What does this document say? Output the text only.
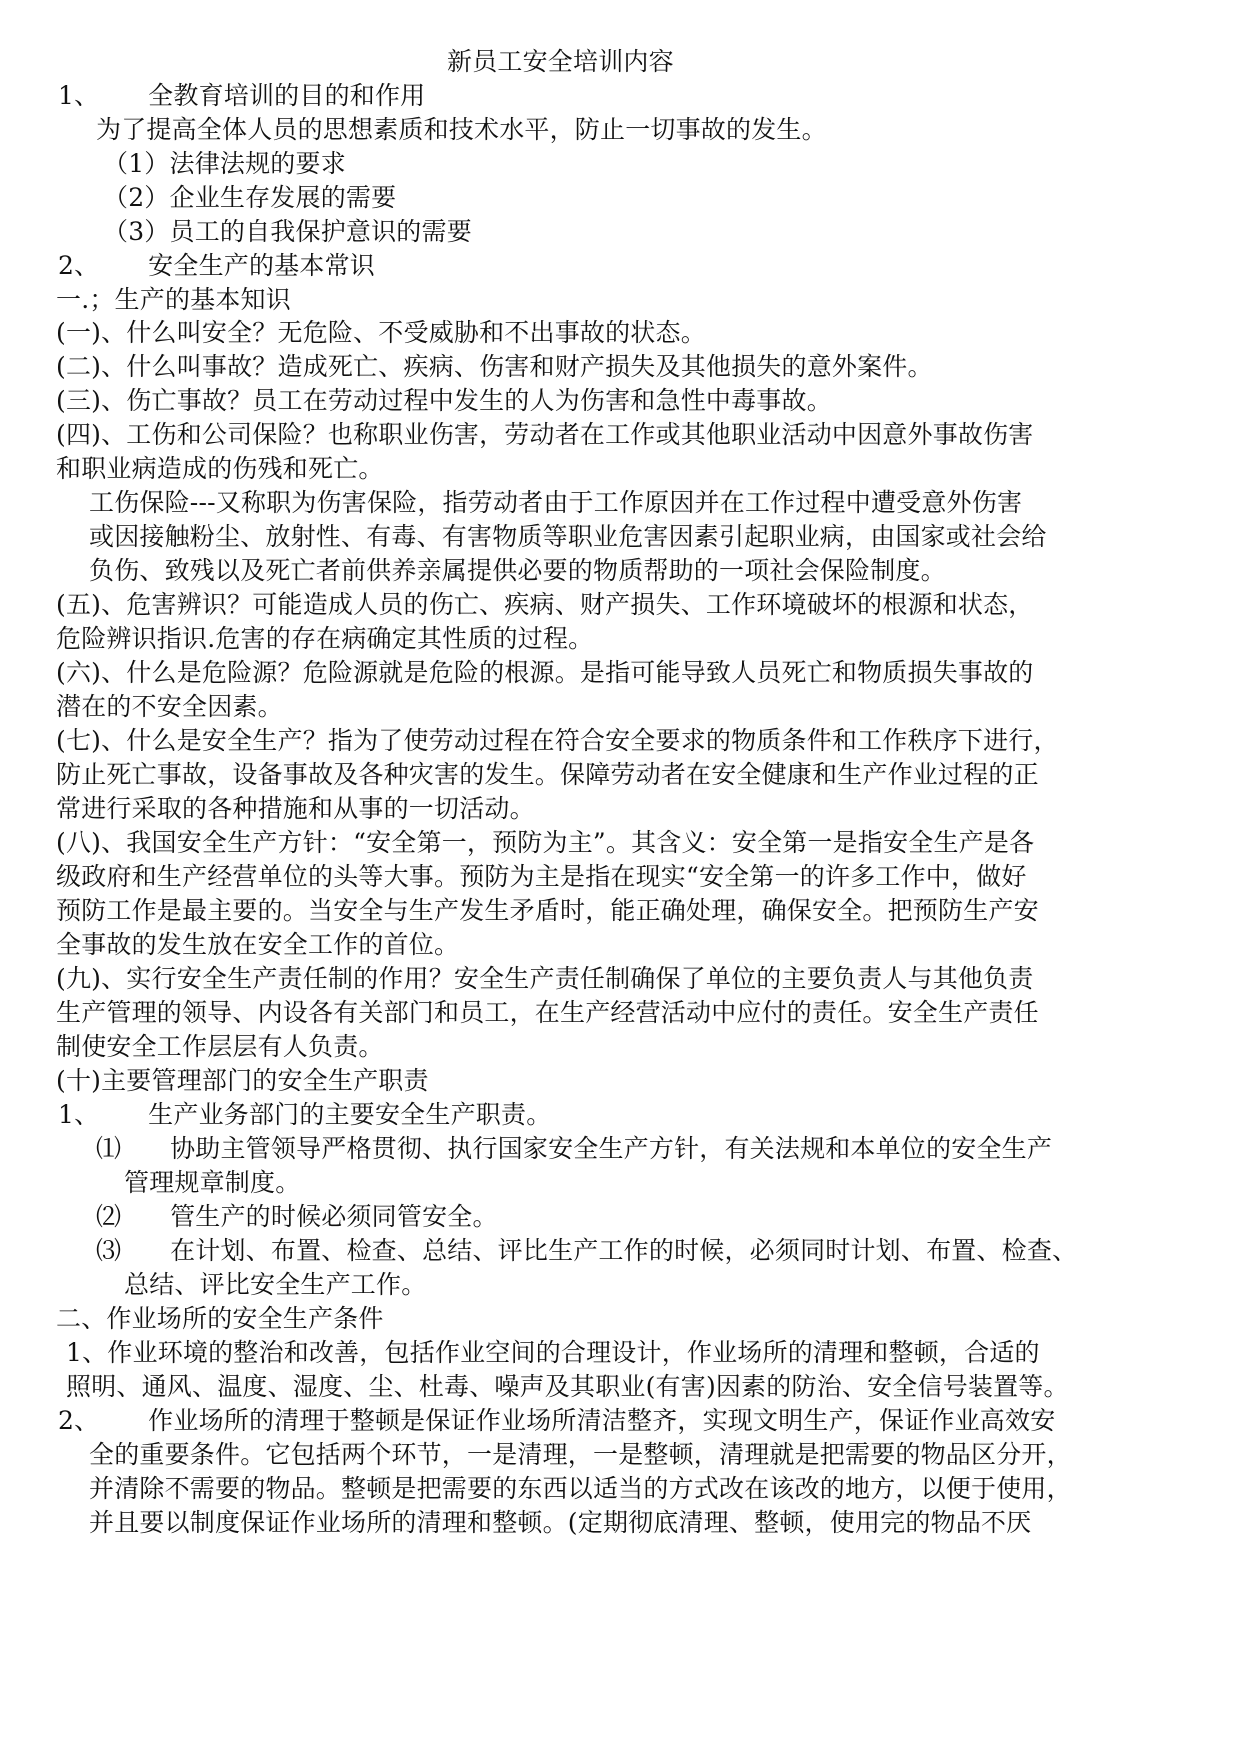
新员工安全培训内容
1、      全教育培训的目的和作用
为了提高全体人员的思想素质和技术水平，防止一切事故的发生。
（1）法律法规的要求
（2）企业生存发展的需要
（3）员工的自我保护意识的需要
2、      安全生产的基本常识
一.；生产的基本知识
(一)、什么叫安全？无危险、不受威胁和不出事故的状态。
(二)、什么叫事故？造成死亡、疾病、伤害和财产损失及其他损失的意外案件。
(三)、伤亡事故？员工在劳动过程中发生的人为伤害和急性中毒事故。
(四)、工伤和公司保险？也称职业伤害，劳动者在工作或其他职业活动中因意外事故伤害
和职业病造成的伤残和死亡。
工伤保险---又称职为伤害保险，指劳动者由于工作原因并在工作过程中遭受意外伤害
或因接触粉尘、放射性、有毒、有害物质等职业危害因素引起职业病，由国家或社会给
负伤、致残以及死亡者前供养亲属提供必要的物质帮助的一项社会保险制度。
(五)、危害辨识？可能造成人员的伤亡、疾病、财产损失、工作环境破坏的根源和状态，
危险辨识指识.危害的存在病确定其性质的过程。
(六)、什么是危险源？危险源就是危险的根源。是指可能导致人员死亡和物质损失事故的
潜在的不安全因素。
(七)、什么是安全生产？指为了使劳动过程在符合安全要求的物质条件和工作秩序下进行，
防止死亡事故，设备事故及各种灾害的发生。保障劳动者在安全健康和生产作业过程的正
常进行采取的各种措施和从事的一切活动。
(八)、我国安全生产方针：“安全第一，预防为主”。其含义：安全第一是指安全生产是各
级政府和生产经营单位的头等大事。预防为主是指在现实“安全第一的许多工作中，做好
预防工作是最主要的。当安全与生产发生矛盾时，能正确处理，确保安全。把预防生产安
全事故的发生放在安全工作的首位。
(九)、实行安全生产责任制的作用？安全生产责任制确保了单位的主要负责人与其他负责
生产管理的领导、内设各有关部门和员工，在生产经营活动中应付的责任。安全生产责任
制使安全工作层层有人负责。
(十)主要管理部门的安全生产职责
1、      生产业务部门的主要安全生产职责。
⑴      协助主管领导严格贯彻、执行国家安全生产方针，有关法规和本单位的安全生产
管理规章制度。
⑵      管生产的时候必须同管安全。
⑶      在计划、布置、检查、总结、评比生产工作的时候，必须同时计划、布置、检查、
总结、评比安全生产工作。
二、作业场所的安全生产条件
1、作业环境的整治和改善，包括作业空间的合理设计，作业场所的清理和整顿，合适的
照明、通风、温度、湿度、尘、杜毒、噪声及其职业(有害)因素的防治、安全信号装置等。
2、      作业场所的清理于整顿是保证作业场所清洁整齐，实现文明生产，保证作业高效安
全的重要条件。它包括两个环节，一是清理，一是整顿，清理就是把需要的物品区分开，
并清除不需要的物品。整顿是把需要的东西以适当的方式改在该改的地方，以便于使用，
并且要以制度保证作业场所的清理和整顿。(定期彻底清理、整顿，使用完的物品不厌
